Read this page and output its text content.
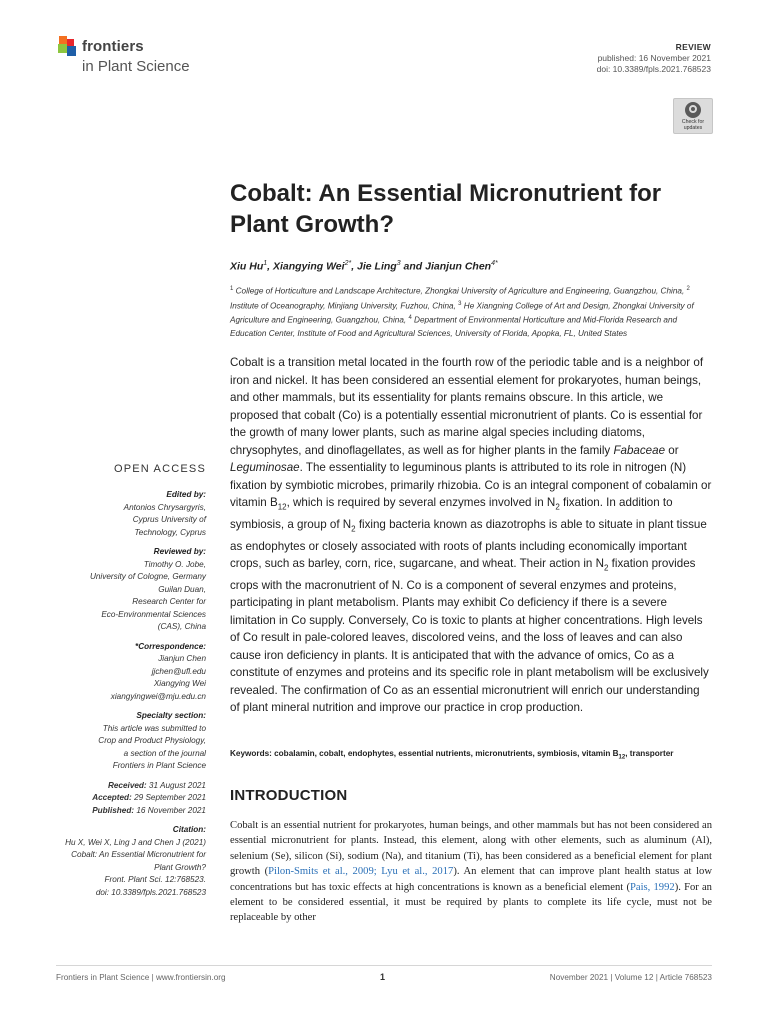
frontiers
in Plant Science
REVIEW
published: 16 November 2021
doi: 10.3389/fpls.2021.768523
Check for
updates
Cobalt: An Essential Micronutrient for Plant Growth?
Xiu Hu$^1$, Xiangying Wei$^{2*}$, Jie Ling$^3$ and Jianjun Chen$^{4*}$
$^1$ College of Horticulture and Landscape Architecture, Zhongkai University of Agriculture and Engineering, Guangzhou, China, $^2$ Institute of Oceanography, Minjiang University, Fuzhou, China, $^3$ He Xiangning College of Art and Design, Zhongkai University of Agriculture and Engineering, Guangzhou, China, $^4$ Department of Environmental Horticulture and Mid-Florida Research and Education Center, Institute of Food and Agricultural Sciences, University of Florida, Apopka, FL, United States

Cobalt is a transition metal located in the fourth row of the periodic table and is a neighbor of iron and nickel. It has been considered an essential element for prokaryotes, human beings, and other mammals, but its essentiality for plants remains obscure. In this article, we proposed that cobalt (Co) is a potentially essential micronutrient of plants. Co is essential for the growth of many lower plants, such as marine algal species including diatoms, chrysophytes, and dinoflagellates, as well as for higher plants in the family Fabaceae or Leguminosae. The essentiality to leguminous plants is attributed to its role in nitrogen (N) fixation by symbiotic microbes, primarily rhizobia. Co is an integral component of cobalamin or vitamin $B_{12}$, which is required by several enzymes involved in $N_2$ fixation. In addition to symbiosis, a group of $N_2$ fixing bacteria known as diazotrophs is able to situate in plant tissue as endophytes or closely associated with roots of plants including economically important crops, such as barley, corn, rice, sugarcane, and wheat. Their action in $N_2$ fixation provides crops with the macronutrient of N. Co is a component of several enzymes and proteins, participating in plant metabolism. Plants may exhibit Co deficiency if there is a severe limitation in Co supply. Conversely, Co is toxic to plants at higher concentrations. High levels of Co result in pale-colored leaves, discolored veins, and the loss of leaves and can also cause iron deficiency in plants. It is anticipated that with the advance of omics, Co as a constitute of enzymes and proteins and its specific role in plant metabolism will be exclusively revealed. The confirmation of Co as an essential micronutrient will enrich our understanding of plant mineral nutrition and improve our practice in crop production.

Keywords: cobalamin, cobalt, endophytes, essential nutrients, micronutrients, symbiosis, vitamin $B_{12}$, transporter
OPEN ACCESS
Edited by:
Antonios Chrysargyris,
Cyprus University of
Technology, Cyprus
Reviewed by:
Timothy O. Jobe,
University of Cologne, Germany
Guilan Duan,
Research Center for
Eco-Environmental Sciences
(CAS), China
*Correspondence:
Jianjun Chen
jjchen@ufl.edu
Xiangying Wei
xiangyingwei@mju.edu.cn
Specialty section:
This article was submitted to
Crop and Product Physiology,
a section of the journal
Frontiers in Plant Science
Received: 31 August 2021
Accepted: 29 September 2021
Published: 16 November 2021
Citation:
Hu X, Wei X, Ling J and Chen J (2021)
Cobalt: An Essential Micronutrient for
Plant Growth?
Front. Plant Sci. 12:768523.
doi: 10.3389/fpls.2021.768523
INTRODUCTION

Cobalt is an essential nutrient for prokaryotes, human beings, and other mammals but has not been considered an essential micronutrient for plants. Instead, this element, along with other elements, such as aluminum (Al), selenium (Se), silicon (Si), sodium (Na), and titanium (Ti), has been considered as a beneficial element for plant growth (Pilon-Smits et al., 2009; Lyu et al., 2017). An element that can improve plant health status at low concentrations but has toxic effects at high concentrations is known as a beneficial element (Pais, 1992). For an element to be considered essential, it must be required by plants to complete its life cycle, must not be replaceable by other

Frontiers in Plant Science | www.frontiersin.org	1	November 2021 | Volume 12 | Article 768523
